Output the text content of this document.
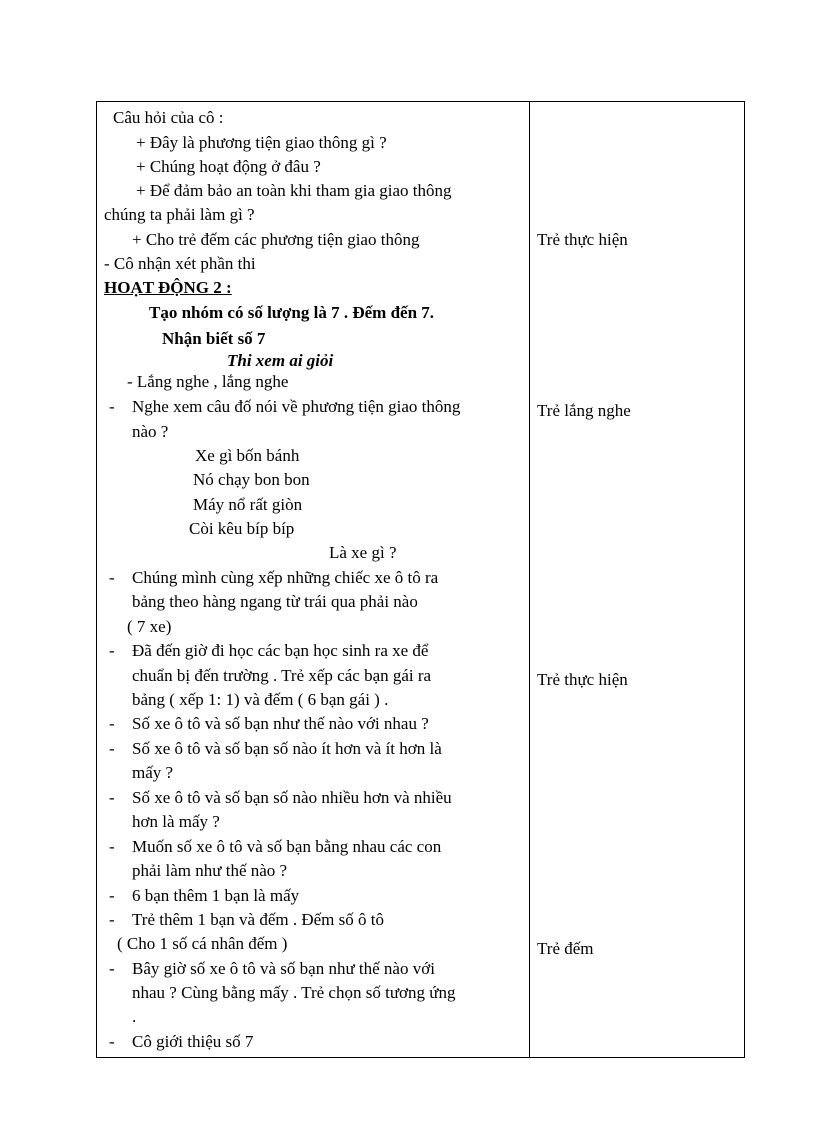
Câu hỏi của cô :
+ Đây là phương tiện giao thông gì ?
+ Chúng hoạt động ở đâu ?
+ Để đảm bảo an toàn khi tham gia giao thông
chúng ta phải làm gì ?
+ Cho trẻ đếm các phương tiện giao thông
- Cô nhận xét phần thi
HOẠT ĐỘNG 2 :
Tạo nhóm có số lượng là 7 . Đếm đến 7.
Nhận biết số 7
Thi xem ai giỏi
- Lắng nghe , lắng nghe
- Nghe xem câu đố nói về phương tiện giao thông
nào ?
Xe gì bốn bánh
Nó chạy bon bon
Máy nổ rất giòn
Còi kêu bíp bíp
Là xe gì ?
- Chúng mình cùng xếp những chiếc xe ô tô ra
bảng theo hàng ngang từ trái qua phải nào
( 7 xe)
- Đã đến giờ đi học các bạn học sinh ra xe để
chuẩn bị đến trường . Trẻ xếp các bạn gái ra
bảng ( xếp 1: 1) và đếm ( 6 bạn gái ) .
- Số xe ô tô và số bạn như thế nào với nhau ?
- Số xe ô tô và số bạn số nào ít hơn và ít hơn là
mấy ?
- Số xe ô tô và số bạn số nào nhiều hơn và nhiều
hơn là mấy ?
- Muốn số xe ô tô và số bạn bằng nhau các con
phải làm như thế nào ?
- 6 bạn thêm 1 bạn là mấy
- Trẻ thêm 1 bạn và đếm . Đếm số ô tô
( Cho 1 số cá nhân đếm )
- Bây giờ số xe ô tô và số bạn như thế nào với
nhau ? Cùng bằng mấy . Trẻ chọn số tương ứng
.
- Cô giới thiệu số 7
Trẻ thực hiện
Trẻ lắng nghe
Trẻ thực hiện
Trẻ đếm
